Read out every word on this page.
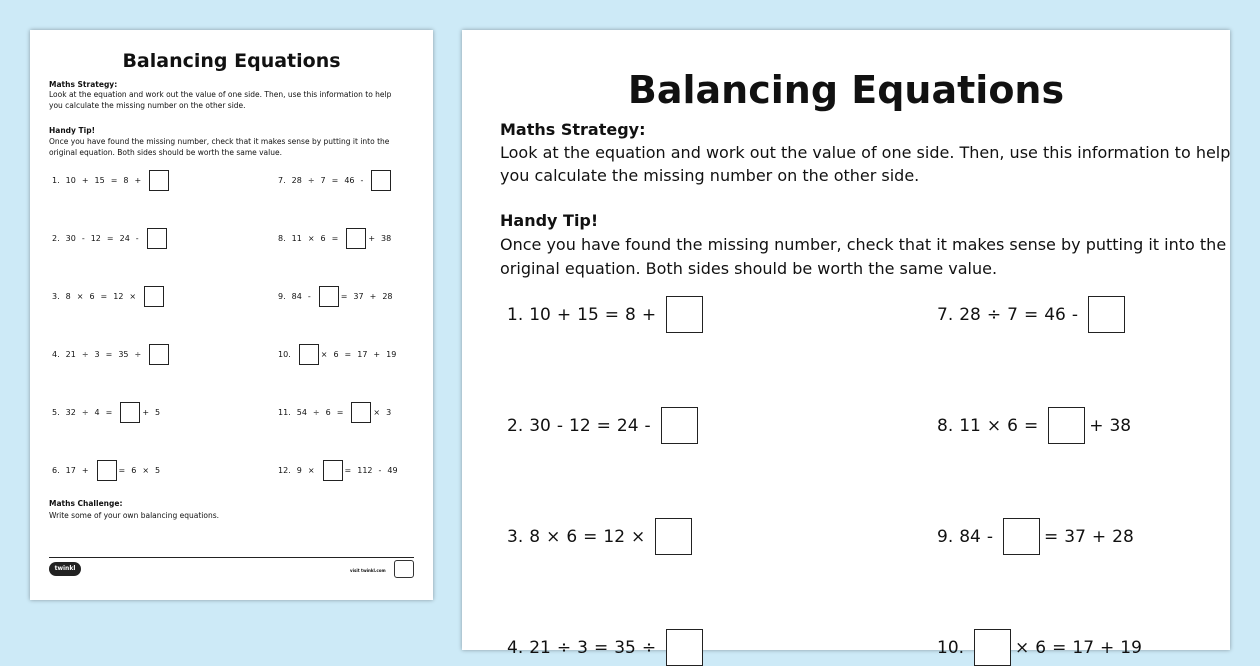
Balancing Equations
Maths Strategy:
Look at the equation and work out the value of one side. Then, use this information to help
you calculate the missing number on the other side.
Handy Tip!
Once you have found the missing number, check that it makes sense by putting it into the
original equation. Both sides should be worth the same value.
1. 10 + 15 = 8 +
2. 30 - 12 = 24 -
3. 8 × 6 = 12 ×
4. 21 ÷ 3 = 35 ÷
5. 32 ÷ 4 =	+ 5
6. 17 +	= 6 × 5
7. 28 ÷ 7 = 46 -
8. 11 × 6 =	+ 38
9. 84 -	= 37 + 28
10.	× 6 = 17 + 19
11. 54 ÷ 6 =	× 3
12. 9 ×	= 112 - 49
Maths Challenge:
Write some of your own balancing equations.
twinkl	visit twinkl.com
Balancing Equations
Maths Strategy:
Look at the equation and work out the value of one side. Then, use this information to help
you calculate the missing number on the other side.
Handy Tip!
Once you have found the missing number, check that it makes sense by putting it into the
original equation. Both sides should be worth the same value.
1. 10 + 15 = 8 +
2. 30 - 12 = 24 -
3. 8 × 6 = 12 ×
4. 21 ÷ 3 = 35 ÷
7. 28 ÷ 7 = 46 -
8. 11 × 6 =	+ 38
9. 84 -	= 37 + 28
10.	× 6 = 17 + 19
